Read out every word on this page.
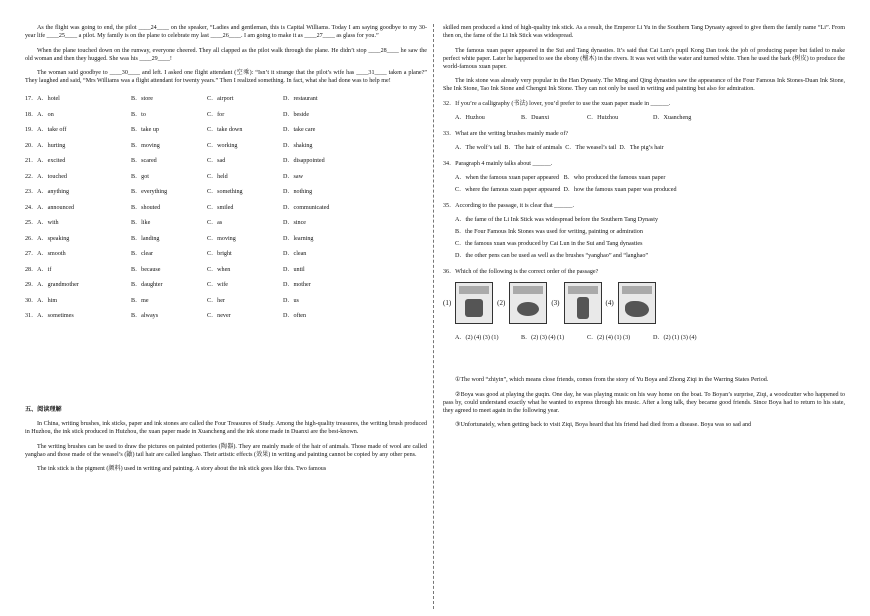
As the flight was going to end, the pilot ____24____ on the speaker, “Ladies and gentleman, this is Capital Williams. Today I am saying goodbye to my 30-year life ____25____ a pilot. My family is on the plane to celebrate my last ____26____. I am going to make it as ____27____ as glass for you.”

When the plane touched down on the runway, everyone cheered. They all clapped as the pilot walk through the plane. He didn’t stop ____28____ he saw the old woman and then they hugged. She was his ____29____!

The woman said goodbye to ____30____ and left. I asked one flight attendant (空乘): “Isn’t it strange that the pilot’s wife has ____31____ taken a plane?” They laughed and said, “Mrs Williams was a flight attendant for twenty years.” Then I realized something. In fact, what she had done was to help me!

17．A．hotel	B．store	C．airport	D．restaurant
18．A．on	B．to	C．for	D．beside
19．A．take off	B．take up	C．take down	D．take care
20．A．hurting	B．moving	C．working	D．shaking
21．A．excited	B．scared	C．sad	D．disappointed
22．A．touched	B．got	C．held	D．saw
23．A．anything	B．everything	C．something	D．nothing
24．A．announced	B．shouted	C．smiled	D．communicated
25．A．with	B．like	C．as	D．since
26．A．speaking	B．landing	C．moving	D．learning
27．A．smooth	B．clear	C．bright	D．clean
28．A．if	B．because	C．when	D．until
29．A．grandmother	B．daughter	C．wife	D．mother
30．A．him	B．me	C．her	D．us
31．A．sometimes	B．always	C．never	D．often
五、阅读理解

In China, writing brushes, ink sticks, paper and ink stones are called the Four Treasures of Study. Among the high-quality treasures, the writing brush produced in Huzhou, the ink stick produced in Huizhou, the xuan paper made in Xuancheng and the ink stone made in Duanxi are the best-known.

The writing brushes can be used to draw the pictures on painted potteries (陶器). They are mainly made of the hair of animals. Those made of wool are called yanghao and those made of the weasel’s (鼬) tail hair are called langhao. Their artistic effects (效果) in writing and painting cannot be copied by any other pens.

The ink stick is the pigment (颜料) used in writing and painting. A story about the ink stick goes like this. Two famous

skilled men produced a kind of high-quality ink stick. As a result, the Emperor Li Yu in the Southern Tang Dynasty agreed to give them the family name “Li”. From then on, the fame of the Li Ink Stick was widespread.

The famous xuan paper appeared in the Sui and Tang dynasties. It’s said that Cai Lun’s pupil Kong Dan took the job of producing paper but failed to make perfect white paper. Later he happened to see the ebony (檀木) in the rivers. It was wet with the water and turned white. Then he used the bark (树皮) to produce the world-famous xuan paper.

The ink stone was already very popular in the Han Dynasty. The Ming and Qing dynasties saw the appearance of the Four Famous Ink Stones-Duan Ink Stone, She Ink Stone, Tao Ink Stone and Chengni Ink Stone. They can not only be used in writing and painting but also for admiration.

32．If you’re a calligraphy (书法) lover, you’d prefer to use the xuan paper made in ______.
A．Huzhou	B．Duanxi	C．Huizhou	D．Xuancheng
33．What are the writing brushes mainly made of?
A．The wolf’s tail B．The hair of animals C．The weasel’s tail D．The pig’s hair
34．Paragraph 4 mainly talks about ______.
A．when the famous xuan paper appeared B．who produced the famous xuan paper
C．where the famous xuan paper appeared D．how the famous xuan paper was produced
35．According to the passage, it is clear that ______.
A．the fame of the Li Ink Stick was widespread before the Southern Tang Dynasty
B．the Four Famous Ink Stones was used for writing, painting or admiration
C．the famous xuan was produced by Cai Lun in the Sui and Tang dynasties
D．the other pens can be used as well as the brushes “yanghao” and “langhao”
36．Which of the following is the correct order of the passage?
(1)	(2)	(3)	(4)
A．(2) (4) (3) (1)	B．(2) (3) (4) (1)	C．(2) (4) (1) (3)	D．(2) (1) (3) (4)

①The word “zhiyin”, which means close friends, comes from the story of Yu Boya and Zhong Ziqi in the Warring States Period.

②Boya was good at playing the guqin. One day, he was playing music on his way home on the boat. To Boyan’s surprise, Ziqi, a woodcutter who happened to pass by, could understand exactly what he wanted to express through his music. After a long talk, they became good friends. Since Boya had to return to his state, they agreed to meet again in the following year.

③Unfortunately, when getting back to visit Ziqi, Boya heard that his friend had died from a disease. Boya was so sad and
